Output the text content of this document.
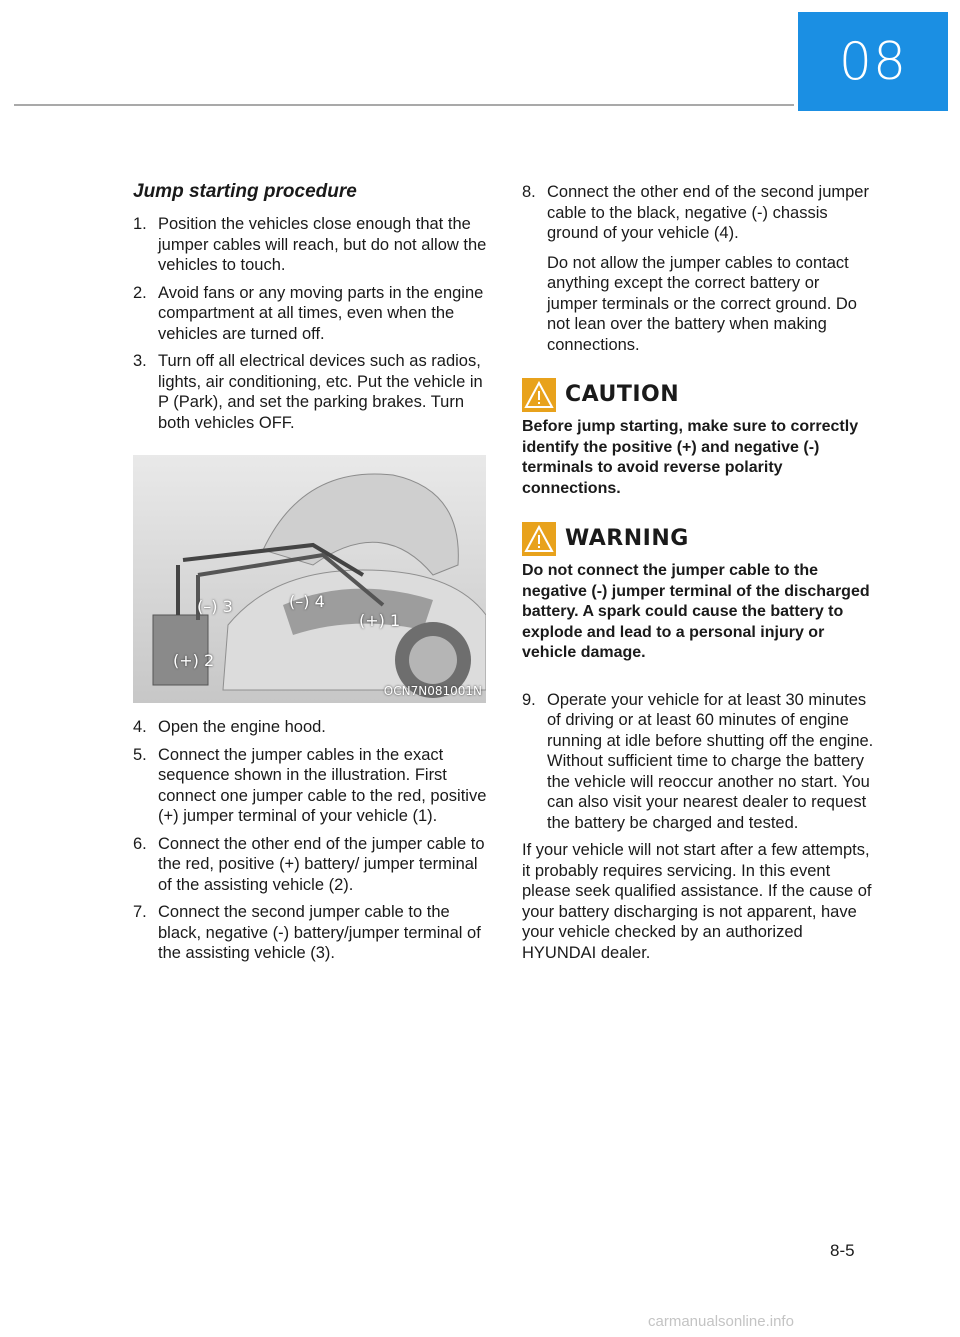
08
Jump starting procedure
1. Position the vehicles close enough that the jumper cables will reach, but do not allow the vehicles to touch.

2. Avoid fans or any moving parts in the engine compartment at all times, even when the vehicles are turned off.

3. Turn off all electrical devices such as radios, lights, air conditioning, etc. Put the vehicle in P (Park), and set the parking brakes. Turn both vehicles OFF.

(–) 3	(–) 4
(+) 1
(+) 2
OCN7N081001N
4. Open the engine hood.

5. Connect the jumper cables in the exact sequence shown in the illustration. First connect one jumper cable to the red, positive (+) jumper terminal of your vehicle (1).

6. Connect the other end of the jumper cable to the red, positive (+) battery/ jumper terminal of the assisting vehicle (2).

7. Connect the second jumper cable to the black, negative (-) battery/jumper terminal of the assisting vehicle (3).

8. Connect the other end of the second jumper cable to the black, negative (-) chassis ground of your vehicle (4).

Do not allow the jumper cables to contact anything except the correct battery or jumper terminals or the correct ground. Do not lean over the battery when making connections.

CAUTION
Before jump starting, make sure to correctly identify the positive (+) and negative (-) terminals to avoid reverse polarity connections.
WARNING
Do not connect the jumper cable to the negative (-) jumper terminal of the discharged battery. A spark could cause the battery to explode and lead to a personal injury or vehicle damage.
9. Operate your vehicle for at least 30 minutes of driving or at least 60 minutes of engine running at idle before shutting off the engine. Without sufficient time to charge the battery the vehicle will reoccur another no start. You can also visit your nearest dealer to request the battery be charged and tested.

If your vehicle will not start after a few attempts, it probably requires servicing. In this event please seek qualified assistance. If the cause of your battery discharging is not apparent, have your vehicle checked by an authorized HYUNDAI dealer.

8-5
carmanualsonline.info
